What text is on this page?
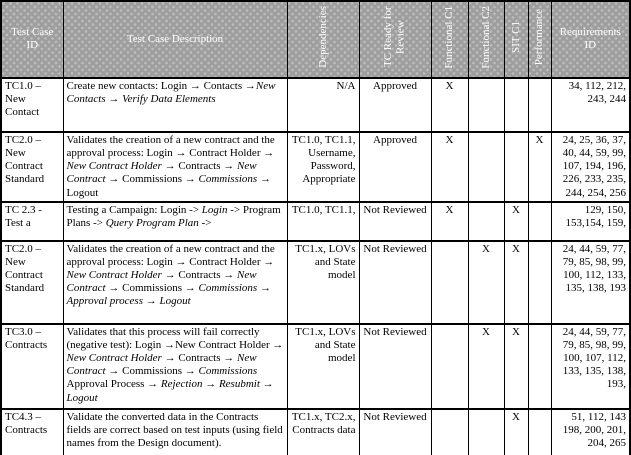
Test Case ID	Test Case Description	Dependencies	TC Ready for Review	Functional C1	Functional C2	SIT C1	Performance	Requirements ID
TC1.0 – New Contact	Create new contacts: Login → Contacts →New Contacts → Verify Data Elements	N/A	Approved	X				34, 112, 212, 243, 244
TC2.0 – New Contract Standard	Validates the creation of a new contract and the approval process: Login → Contract Holder → New Contract Holder → Contracts → New Contract → Commissions → Commissions → Logout	TC1.0, TC1.1, Username, Password, Appropriate	Approved	X			X	24, 25, 36, 37, 40, 44, 59, 99, 107, 194, 196, 226, 233, 235, 244, 254, 256
TC 2.3 - Test a	Testing a Campaign: Login -> Login -> Program Plans -> Query Program Plan ->	TC1.0, TC1.1,	Not Reviewed	X		X		129, 150, 153,154, 159,
TC2.0 – New Contract Standard	Validates the creation of a new contract and the approval process: Login → Contract Holder → New Contract Holder → Contracts → New Contract → Commissions → Commissions → Approval process → Logout	TC1.x, LOVs and State model	Not Reviewed		X	X		24, 44, 59, 77, 79, 85, 98, 99, 100, 112, 133, 135, 138, 193
TC3.0 – Contracts	Validates that this process will fail correctly (negative test): Login →New Contract Holder → New Contract Holder → Contracts → New Contract → Commissions → Commissions Approval Process → Rejection → Resubmit → Logout	TC1.x, LOVs and State model	Not Reviewed		X	X		24, 44, 59, 77, 79, 85, 98, 99, 100, 107, 112, 133, 135, 138, 193,
TC4.3 – Contracts	Validate the converted data in the Contracts fields are correct based on test inputs (using field names from the Design document).	TC1.x, TC2.x, Contracts data	Not Reviewed			X		51, 112, 143 198, 200, 201, 204, 265
